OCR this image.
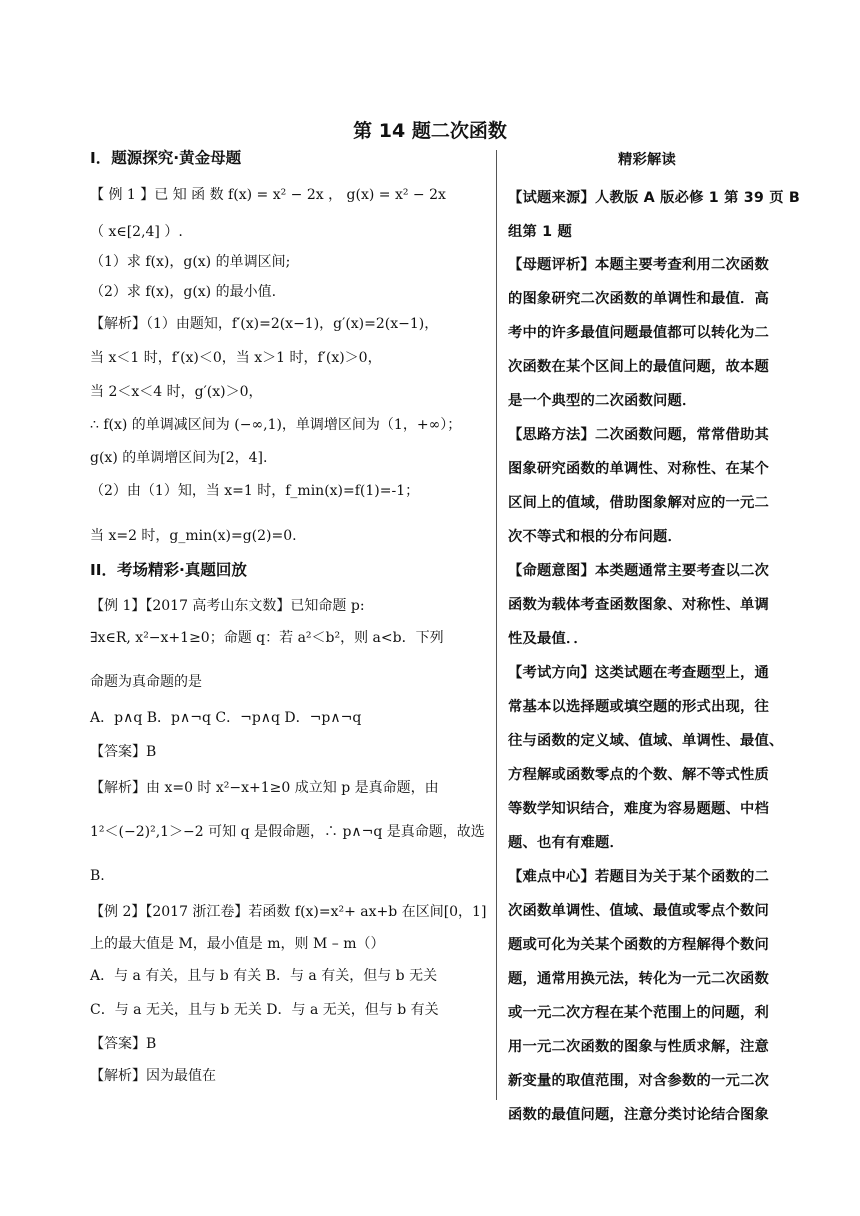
第 14 题二次函数
I．题源探究·黄金母题
【 例 1 】已 知 函 数 f(x) = x² − 2x ， g(x) = x² − 2x
（ x∈[2,4] ）.
（1）求 f(x)，g(x) 的单调区间;
（2）求 f(x)，g(x) 的最小值.
【解析】（1）由题知，f′(x)=2(x−1)，g′(x)=2(x−1)，
当 x＜1 时，f′(x)＜0，当 x＞1 时，f′(x)＞0，
当 2＜x＜4 时，g′(x)＞0，
∴ f(x) 的单调减区间为 (−∞,1)，单调增区间为（1，+∞）；
g(x) 的单调增区间为[2，4].
（2）由（1）知，当 x=1 时，f_min(x)=f(1)=-1；
当 x=2 时，g_min(x)=g(2)=0.
II．考场精彩·真题回放
【例 1】【2017 高考山东文数】已知命题 p:
∃x∈R, x²−x+1≥0；命题 q：若 a²＜b²，则 a<b．下列
命题为真命题的是
A．p∧q B．p∧¬q C．¬p∧q D．¬p∧¬q
【答案】B
【解析】由 x=0 时 x²−x+1≥0 成立知 p 是真命题，由
1²＜(−2)²,1＞−2 可知 q 是假命题，∴ p∧¬q 是真命题，故选
B.
【例 2】【2017 浙江卷】若函数 f(x)=x²+ ax+b 在区间[0，1]
上的最大值是 M，最小值是 m，则 M – m（）
A．与 a 有关，且与 b 有关 B．与 a 有关，但与 b 无关
C．与 a 无关，且与 b 无关 D．与 a 无关，但与 b 有关
【答案】B
【解析】因为最值在
精彩解读
【试题来源】人教版 A 版必修 1 第 39 页 B
组第 1 题
【母题评析】本题主要考查利用二次函数
的图象研究二次函数的单调性和最值．高
考中的许多最值问题最值都可以转化为二
次函数在某个区间上的最值问题，故本题
是一个典型的二次函数问题．
【思路方法】二次函数问题，常常借助其
图象研究函数的单调性、对称性、在某个
区间上的值域，借助图象解对应的一元二
次不等式和根的分布问题．
【命题意图】本类题通常主要考查以二次
函数为载体考查函数图象、对称性、单调
性及最值．．
【考试方向】这类试题在考查题型上，通
常基本以选择题或填空题的形式出现，往
往与函数的定义域、值域、单调性、最值、
方程解或函数零点的个数、解不等式性质
等数学知识结合，难度为容易题题、中档
题、也有有难题．
【难点中心】若题目为关于某个函数的二
次函数单调性、值域、最值或零点个数问
题或可化为关某个函数的方程解得个数问
题，通常用换元法，转化为一元二次函数
或一元二次方程在某个范围上的问题，利
用一元二次函数的图象与性质求解，注意
新变量的取值范围，对含参数的一元二次
函数的最值问题，注意分类讨论结合图象
